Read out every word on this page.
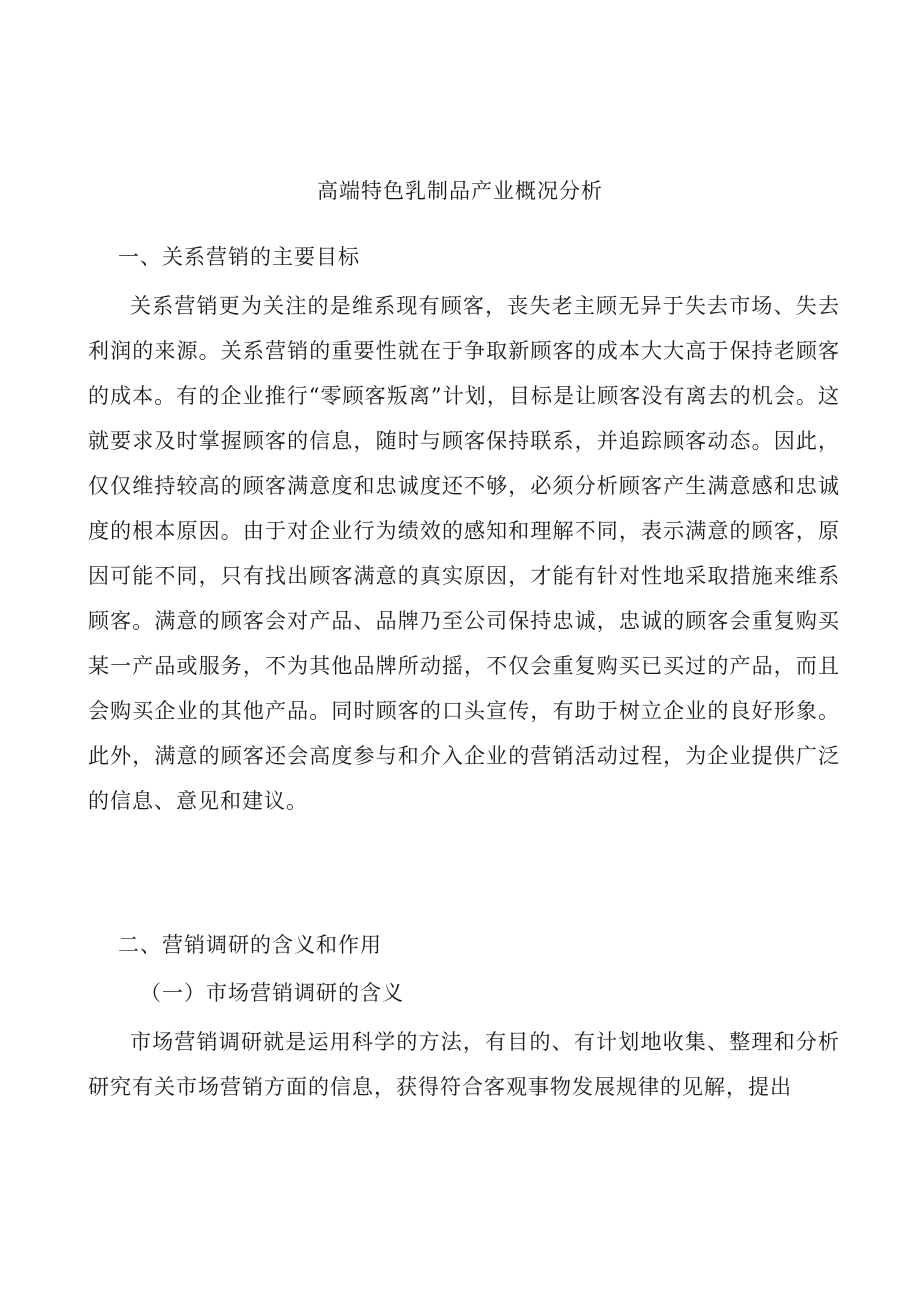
高端特色乳制品产业概况分析
一、关系营销的主要目标

关系营销更为关注的是维系现有顾客，丧失老主顾无异于失去市场、失去利润的来源。关系营销的重要性就在于争取新顾客的成本大大高于保持老顾客的成本。有的企业推行“零顾客叛离”计划，目标是让顾客没有离去的机会。这就要求及时掌握顾客的信息，随时与顾客保持联系，并追踪顾客动态。因此，仅仅维持较高的顾客满意度和忠诚度还不够，必须分析顾客产生满意感和忠诚度的根本原因。由于对企业行为绩效的感知和理解不同，表示满意的顾客，原因可能不同，只有找出顾客满意的真实原因，才能有针对性地采取措施来维系顾客。满意的顾客会对产品、品牌乃至公司保持忠诚，忠诚的顾客会重复购买某一产品或服务，不为其他品牌所动摇，不仅会重复购买已买过的产品，而且会购买企业的其他产品。同时顾客的口头宣传，有助于树立企业的良好形象。此外，满意的顾客还会高度参与和介入企业的营销活动过程，为企业提供广泛的信息、意见和建议。

二、营销调研的含义和作用
（一）市场营销调研的含义

市场营销调研就是运用科学的方法，有目的、有计划地收集、整理和分析研究有关市场营销方面的信息，获得符合客观事物发展规律的见解，提出
